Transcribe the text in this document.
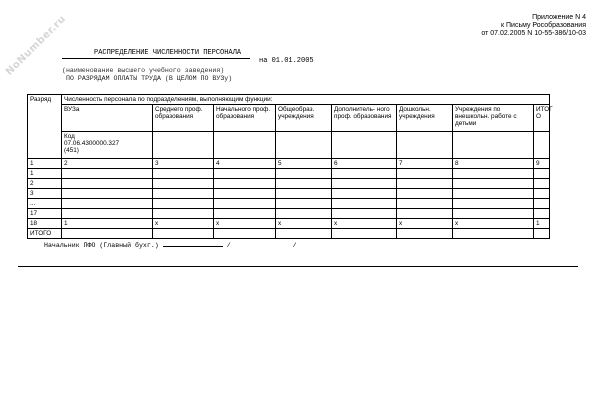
NoNumber.ru	Приложение N 4
к Письму Рособразования
от 07.02.2005 N 10-55-386/10-03
РАСПРЕДЕЛЕНИЕ ЧИСЛЕННОСТИ ПЕРСОНАЛА
на 01.01.2005
(наименование высшего учебного заведения)
ПО РАЗРЯДАМ ОПЛАТЫ ТРУДА (В ЦЕЛОМ ПО ВУЗу)
Разряд	Численность персонала по подразделениям, выполняющим функции:							
	ВУЗа	Среднего проф. образования	Начального проф. образования	Общеобраз. учреждения	Дополнитель- ного проф. образования	Дошкольн. учреждения	Учреждения по внешкольн. работе с детьми	ИТОГ О

	Код
07.06.4300000.327
(451)							

1	2	3	4	5	6	7	8	9
1								
2								
3								
...								
17								
18	1	x	x	x	x	x	x	1
ИТОГО								
Начальник ПФО (Главный бухг.)	/	/
